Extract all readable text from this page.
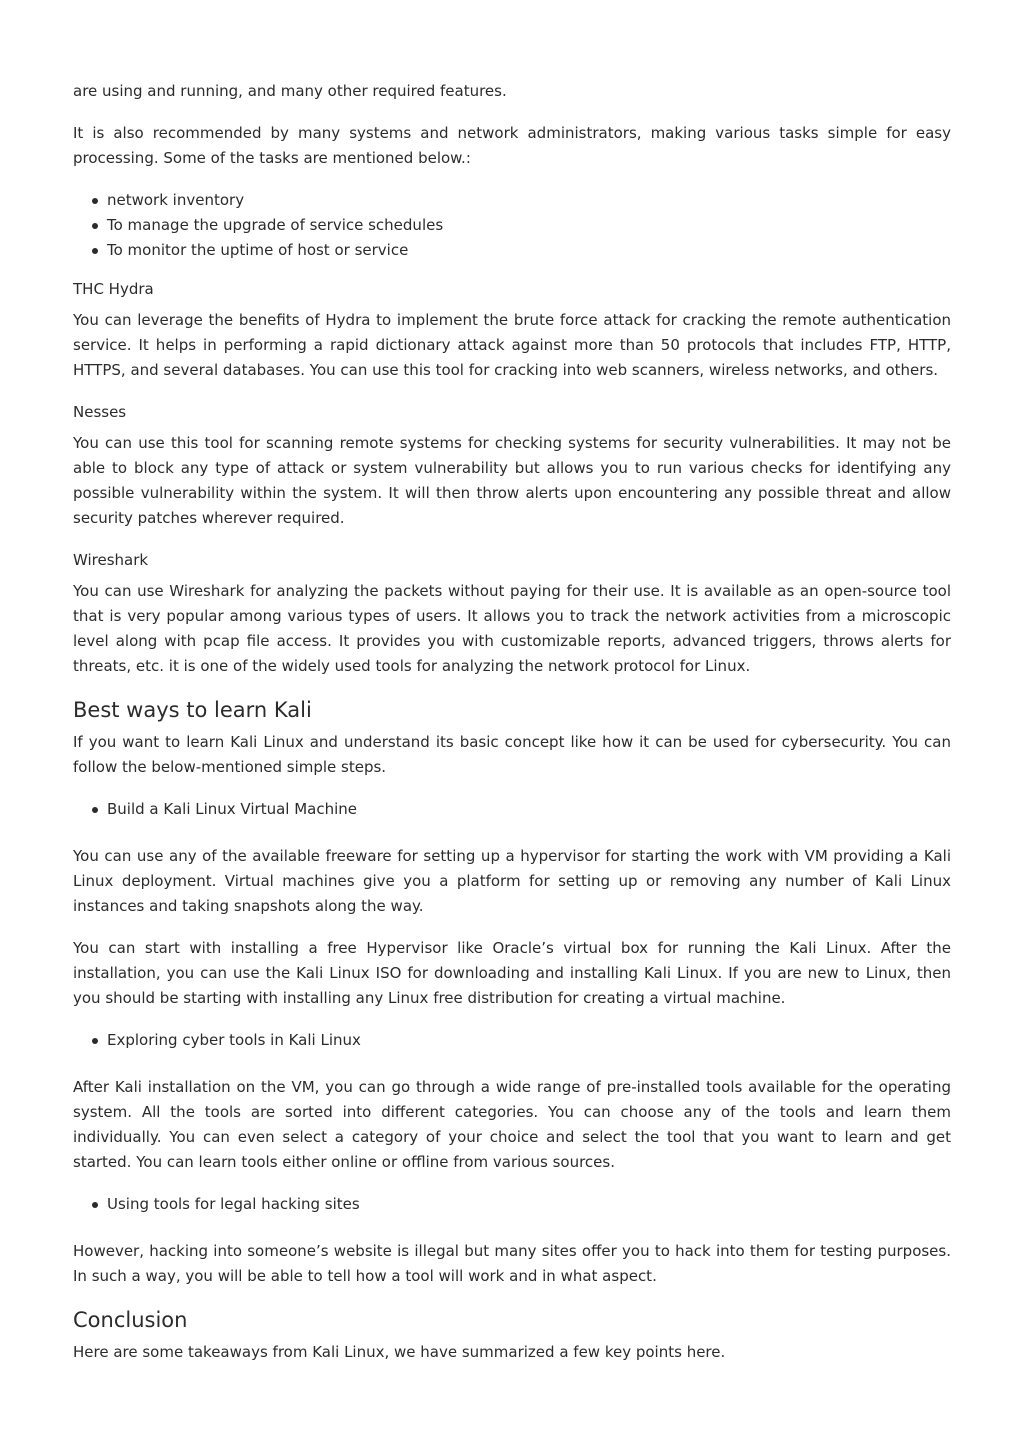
are using and running, and many other required features.

It is also recommended by many systems and network administrators, making various tasks simple for easy processing. Some of the tasks are mentioned below.:

network inventory
To manage the upgrade of service schedules
To monitor the uptime of host or service
THC Hydra

You can leverage the benefits of Hydra to implement the brute force attack for cracking the remote authentication service. It helps in performing a rapid dictionary attack against more than 50 protocols that includes FTP, HTTP, HTTPS, and several databases. You can use this tool for cracking into web scanners, wireless networks, and others.

Nesses

You can use this tool for scanning remote systems for checking systems for security vulnerabilities. It may not be able to block any type of attack or system vulnerability but allows you to run various checks for identifying any possible vulnerability within the system. It will then throw alerts upon encountering any possible threat and allow security patches wherever required.

Wireshark

You can use Wireshark for analyzing the packets without paying for their use. It is available as an open-source tool that is very popular among various types of users. It allows you to track the network activities from a microscopic level along with pcap file access. It provides you with customizable reports, advanced triggers, throws alerts for threats, etc. it is one of the widely used tools for analyzing the network protocol for Linux.

Best ways to learn Kali

If you want to learn Kali Linux and understand its basic concept like how it can be used for cybersecurity. You can follow the below-mentioned simple steps.

Build a Kali Linux Virtual Machine

You can use any of the available freeware for setting up a hypervisor for starting the work with VM providing a Kali Linux deployment. Virtual machines give you a platform for setting up or removing any number of Kali Linux instances and taking snapshots along the way.

You can start with installing a free Hypervisor like Oracle’s virtual box for running the Kali Linux. After the installation, you can use the Kali Linux ISO for downloading and installing Kali Linux. If you are new to Linux, then you should be starting with installing any Linux free distribution for creating a virtual machine.

Exploring cyber tools in Kali Linux

After Kali installation on the VM, you can go through a wide range of pre-installed tools available for the operating system. All the tools are sorted into different categories. You can choose any of the tools and learn them individually. You can even select a category of your choice and select the tool that you want to learn and get started. You can learn tools either online or offline from various sources.

Using tools for legal hacking sites

However, hacking into someone’s website is illegal but many sites offer you to hack into them for testing purposes. In such a way, you will be able to tell how a tool will work and in what aspect.

Conclusion

Here are some takeaways from Kali Linux, we have summarized a few key points here.
